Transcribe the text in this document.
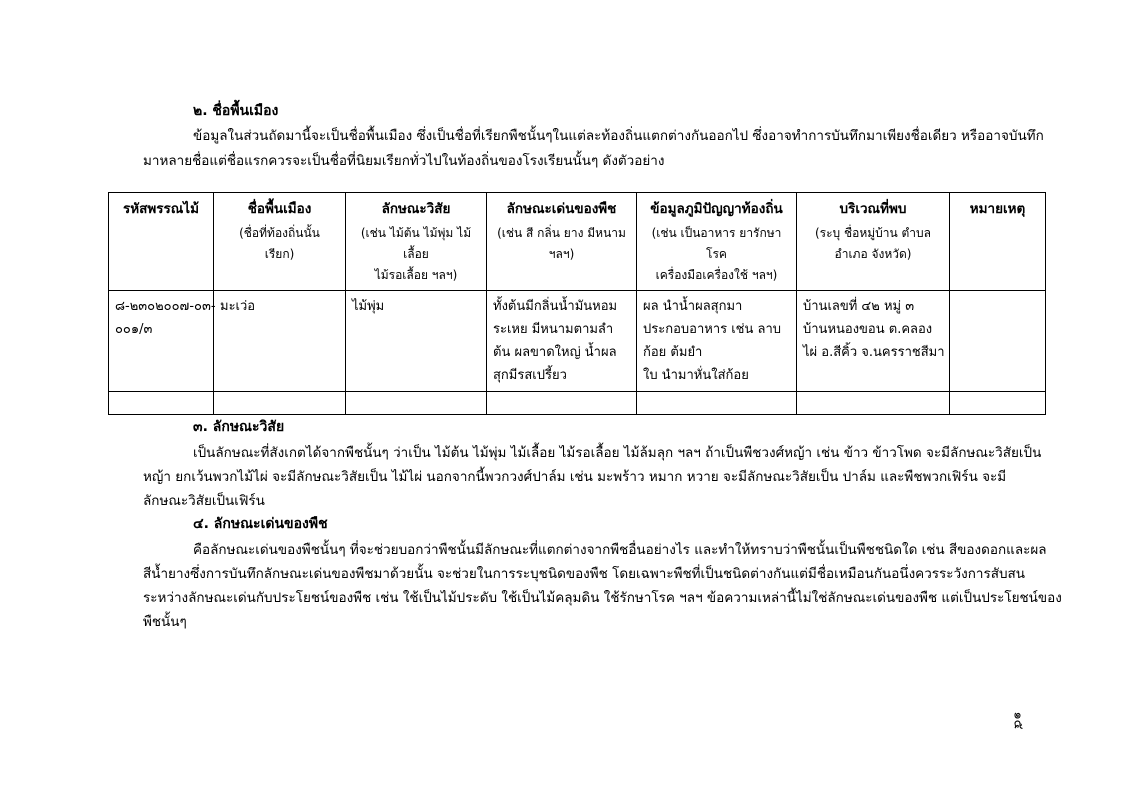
๒. ชื่อพื้นเมือง
ข้อมูลในส่วนถัดมานี้จะเป็นชื่อพื้นเมือง ซึ่งเป็นชื่อที่เรียกพืชนั้นๆในแต่ละท้องถิ่นแตกต่างกันออกไป ซึ่งอาจทำการบันทึกมาเพียงชื่อเดียว หรืออาจบันทึก
มาหลายชื่อแต่ชื่อแรกควรจะเป็นชื่อที่นิยมเรียกทั่วไปในท้องถิ่นของโรงเรียนนั้นๆ ดังตัวอย่าง
รหัสพรรณไม้	ชื่อพื้นเมือง
(ชื่อที่ท้องถิ่นนั้น
เรียก)	ลักษณะวิสัย
(เช่น ไม้ต้น ไม้พุ่ม ไม้เลื้อย
ไม้รอเลื้อย ฯลฯ)	ลักษณะเด่นของพืช
(เช่น สี กลิ่น ยาง มีหนาม
ฯลฯ)	ข้อมูลภูมิปัญญาท้องถิ่น
(เช่น เป็นอาหาร ยารักษาโรค
เครื่องมือเครื่องใช้ ฯลฯ)	บริเวณที่พบ
(ระบุ ชื่อหมู่บ้าน ตำบล
อำเภอ จังหวัด)	หมายเหตุ

๘-๒๓๐๒๐๐๗-๐๓-
๐๐๑/๓	มะเว่อ	ไม้พุ่ม	ทั้งต้นมีกลิ่นน้ำมันหอม
ระเหย มีหนามตามลำ
ต้น ผลขาดใหญ่ น้ำผล
สุกมีรสเปรี้ยว	ผล นำน้ำผลสุกมา
ประกอบอาหาร เช่น ลาบ
ก้อย ต้มยำ
ใบ นำมาหั่นใส่ก้อย	บ้านเลขที่ ๔๒ หมู่ ๓
บ้านหนองขอน ต.คลอง
ไผ่ อ.สีคิ้ว จ.นครราชสีมา	

๓. ลักษณะวิสัย
เป็นลักษณะที่สังเกตได้จากพืชนั้นๆ ว่าเป็น ไม้ต้น ไม้พุ่ม ไม้เลื้อย ไม้รอเลื้อย ไม้ล้มลุก ฯลฯ ถ้าเป็นพืชวงศ์หญ้า เช่น ข้าว ข้าวโพด จะมีลักษณะวิสัยเป็น
หญ้า ยกเว้นพวกไม้ไผ่ จะมีลักษณะวิสัยเป็น ไม้ไผ่ นอกจากนี้พวกวงศ์ปาล์ม เช่น มะพร้าว หมาก หวาย จะมีลักษณะวิสัยเป็น ปาล์ม และพืชพวกเฟิร์น จะมี
ลักษณะวิสัยเป็นเฟิร์น
๔. ลักษณะเด่นของพืช
คือลักษณะเด่นของพืชนั้นๆ ที่จะช่วยบอกว่าพืชนั้นมีลักษณะที่แตกต่างจากพืชอื่นอย่างไร และทำให้ทราบว่าพืชนั้นเป็นพืชชนิดใด เช่น สีของดอกและผล
สีน้ำยางซึ่งการบันทึกลักษณะเด่นของพืชมาด้วยนั้น จะช่วยในการระบุชนิดของพืช โดยเฉพาะพืชที่เป็นชนิดต่างกันแต่มีชื่อเหมือนกันอนึ่งควรระวังการสับสน
ระหว่างลักษณะเด่นกับประโยชน์ของพืช เช่น ใช้เป็นไม้ประดับ ใช้เป็นไม้คลุมดิน ใช้รักษาโรค ฯลฯ ข้อความเหล่านี้ไม่ใช่ลักษณะเด่นของพืช แต่เป็นประโยชน์ของ
พืชนั้นๆ
๑๕
